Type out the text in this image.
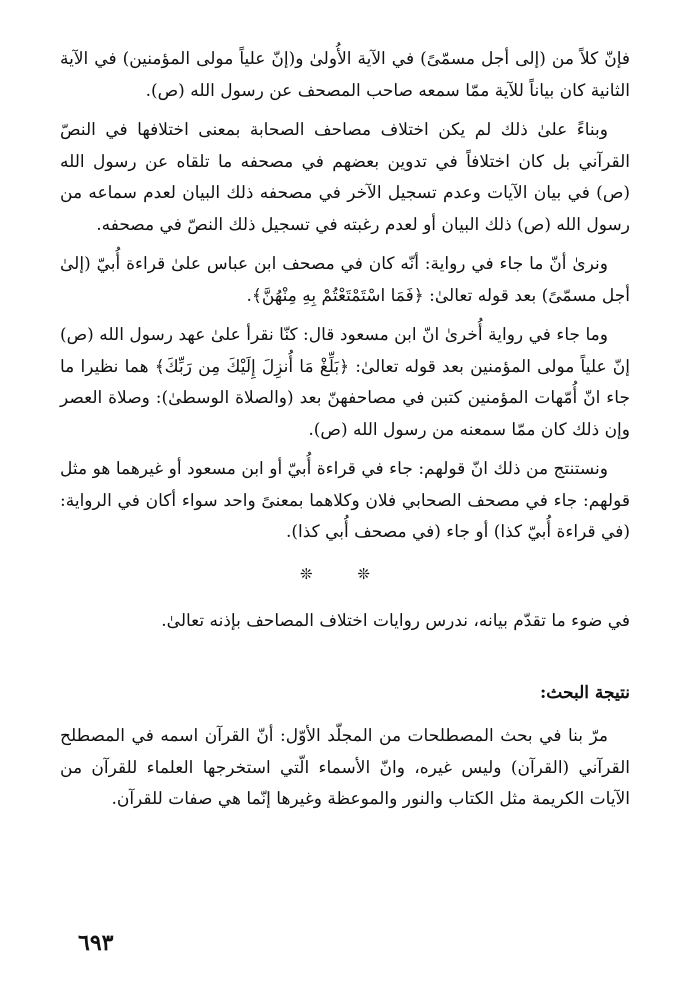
فإنّ كلاً من (إلى أجل مسمّىً) في الآية الأُولىٰ و(إنّ علياً مولى المؤمنين) في الآية الثانية كان بياناً للآية ممّا سمعه صاحب المصحف عن رسول الله (ص).

وبناءً علىٰ ذلك لم يكن اختلاف مصاحف الصحابة بمعنى اختلافها في النصّ القرآني بل كان اختلافاً في تدوين بعضهم في مصحفه ما تلقاه عن رسول الله (ص) في بيان الآيات وعدم تسجيل الآخر في مصحفه ذلك البيان لعدم سماعه من رسول الله (ص) ذلك البيان أو لعدم رغبته في تسجيل ذلك النصّ في مصحفه.

ونرىٰ أنّ ما جاء في رواية: أنّه كان في مصحف ابن عباس علىٰ قراءة أُبيّ (إلىٰ أجل مسمّىً) بعد قوله تعالىٰ: ﴿فَمَا اسْتَمْتَعْتُمْ بِهِ مِنْهُنَّ﴾.

وما جاء في رواية أُخرىٰ انّ ابن مسعود قال: كنّا نقرأ علىٰ عهد رسول الله (ص) إنّ علياً مولى المؤمنين بعد قوله تعالىٰ: ﴿بَلِّغْ مَا أُنزِلَ إِلَيْكَ مِن رَبِّكَ﴾ هما نظيرا ما جاء انّ أُمّهات المؤمنين كتبن في مصاحفهنّ بعد (والصلاة الوسطىٰ): وصلاة العصر وإن ذلك كان ممّا سمعنه من رسول الله (ص).

ونستنتج من ذلك انّ قولهم: جاء في قراءة أُبيّ أو ابن مسعود أو غيرهما هو مثل قولهم: جاء في مصحف الصحابي فلان وكلاهما بمعنىً واحد سواء أكان في الرواية: (في قراءة أُبيّ كذا) أو جاء (في مصحف أُبي كذا).

❊ ❊

في ضوء ما تقدّم بيانه، ندرس روايات اختلاف المصاحف بإذنه تعالىٰ.

نتيجة البحث:

مرّ بنا في بحث المصطلحات من المجلّد الأوّل: أنّ القرآن اسمه في المصطلح القرآني (القرآن) وليس غيره، وانّ الأسماء الّتي استخرجها العلماء للقرآن من الآيات الكريمة مثل الكتاب والنور والموعظة وغيرها إنّما هي صفات للقرآن.

٦٩٣
